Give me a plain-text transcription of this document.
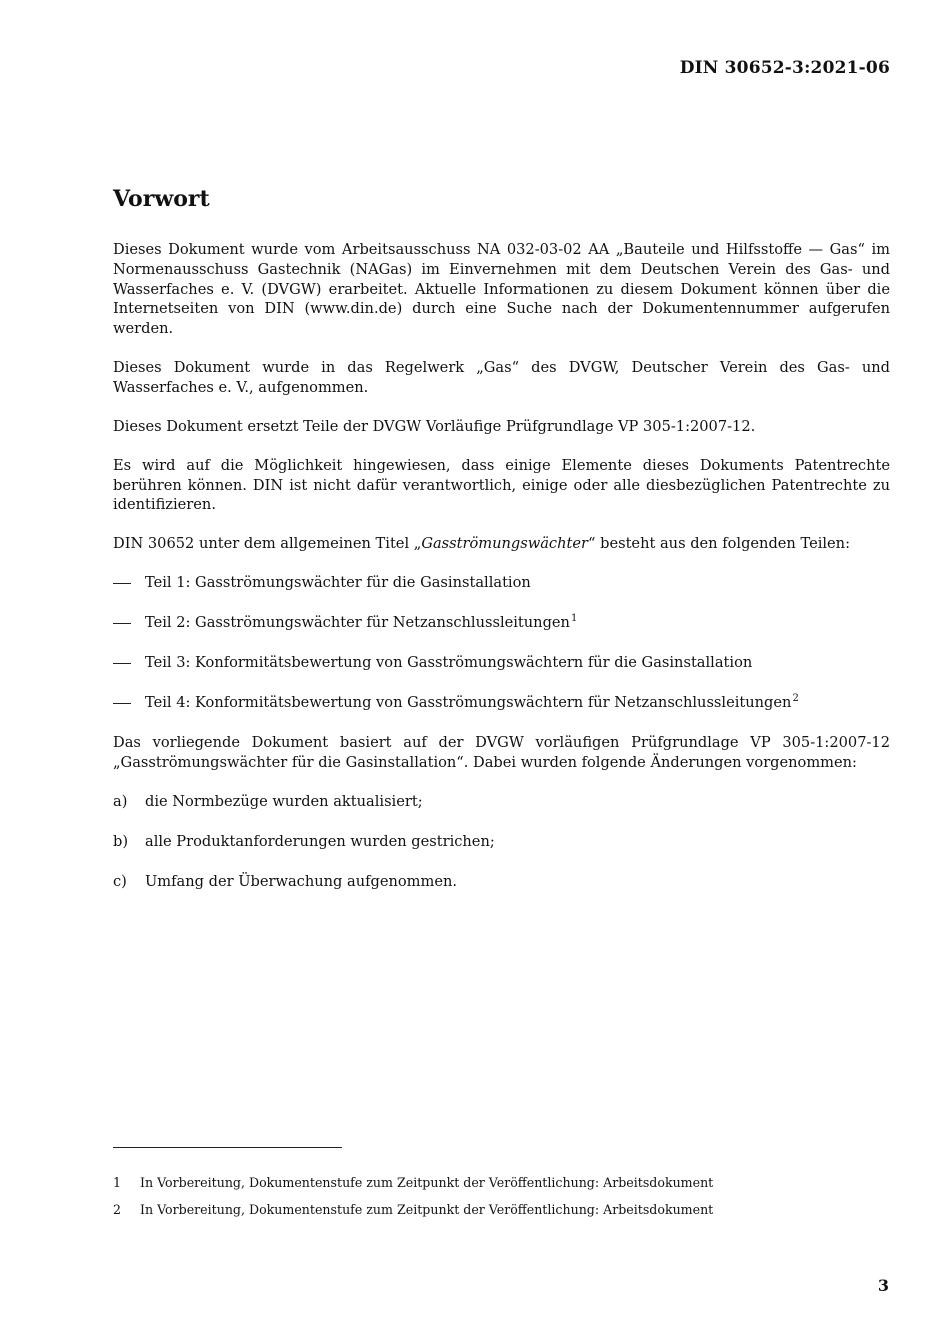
DIN 30652-3:2021-06
Vorwort

Dieses Dokument wurde vom Arbeitsausschuss NA 032-03-02 AA „Bauteile und Hilfsstoffe — Gas“ im Normenausschuss Gastechnik (NAGas) im Einvernehmen mit dem Deutschen Verein des Gas- und Wasserfaches e. V. (DVGW) erarbeitet. Aktuelle Informationen zu diesem Dokument können über die Internetseiten von DIN (www.din.de) durch eine Suche nach der Dokumentennummer aufgerufen werden.

Dieses Dokument wurde in das Regelwerk „Gas“ des DVGW, Deutscher Verein des Gas- und Wasserfaches e. V., aufgenommen.

Dieses Dokument ersetzt Teile der DVGW Vorläufige Prüfgrundlage VP 305-1:2007-12.

Es wird auf die Möglichkeit hingewiesen, dass einige Elemente dieses Dokuments Patentrechte berühren können. DIN ist nicht dafür verantwortlich, einige oder alle diesbezüglichen Patentrechte zu identifizieren.

DIN 30652 unter dem allgemeinen Titel „Gasströmungswächter“ besteht aus den folgenden Teilen:

Teil 1: Gasströmungswächter für die Gasinstallation
Teil 2: Gasströmungswächter für Netzanschlussleitungen$^1$
Teil 3: Konformitätsbewertung von Gasströmungswächtern für die Gasinstallation
Teil 4: Konformitätsbewertung von Gasströmungswächtern für Netzanschlussleitungen$^2$

Das vorliegende Dokument basiert auf der DVGW vorläufigen Prüfgrundlage VP 305-1:2007-12 „Gasströmungswächter für die Gasinstallation“. Dabei wurden folgende Änderungen vorgenommen:

a) die Normbezüge wurden aktualisiert;
b) alle Produktanforderungen wurden gestrichen;
c) Umfang der Überwachung aufgenommen.
1 In Vorbereitung, Dokumentenstufe zum Zeitpunkt der Veröffentlichung: Arbeitsdokument
2 In Vorbereitung, Dokumentenstufe zum Zeitpunkt der Veröffentlichung: Arbeitsdokument
3
